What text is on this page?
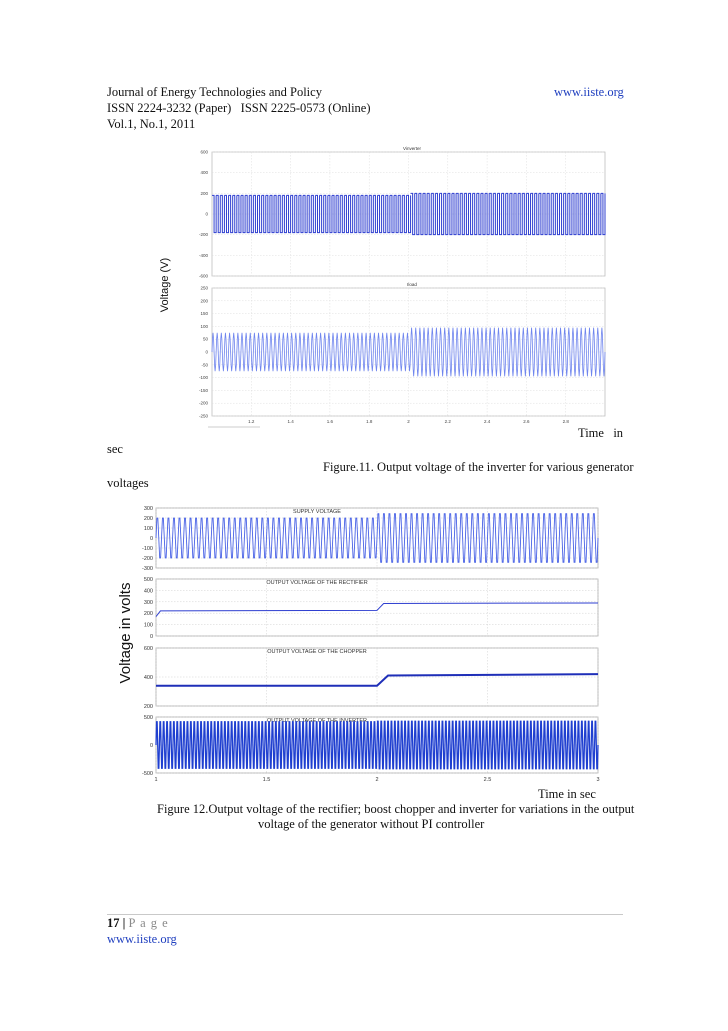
Journal of Energy Technologies and Policy	www.iiste.org
ISSN 2224-3232 (Paper)   ISSN 2225-0573 (Online)
Vol.1, No.1, 2011
Voltage (V)
Vinverter
600
400
200
0
-200
-400
-600
Iload
250
200
150
100
50
0
-50
-100
-150
-200
-250
1.2	1.4	1.6	1.8	2	2.2	2.4	2.6	2.8
Time   in
sec
Figure.11. Output voltage of the inverter for various generator
voltages
Voltage in volts
SUPPLY VOLTAGE
300
200
100
0
-100
-200
-300
OUTPUT VOLTAGE OF THE RECTIFIER
500
400
300
200
100
0
OUTPUT VOLTAGE OF THE CHOPPER
600
400
200
OUTPUT VOLTAGE OF THE INVERTER
500
0
-500
1	1.5	2	2.5	3
Time in sec
Figure 12.Output voltage of the rectifier; boost chopper and inverter for variations in the output
voltage of the generator without PI controller
17 | P a g e
www.iiste.org
